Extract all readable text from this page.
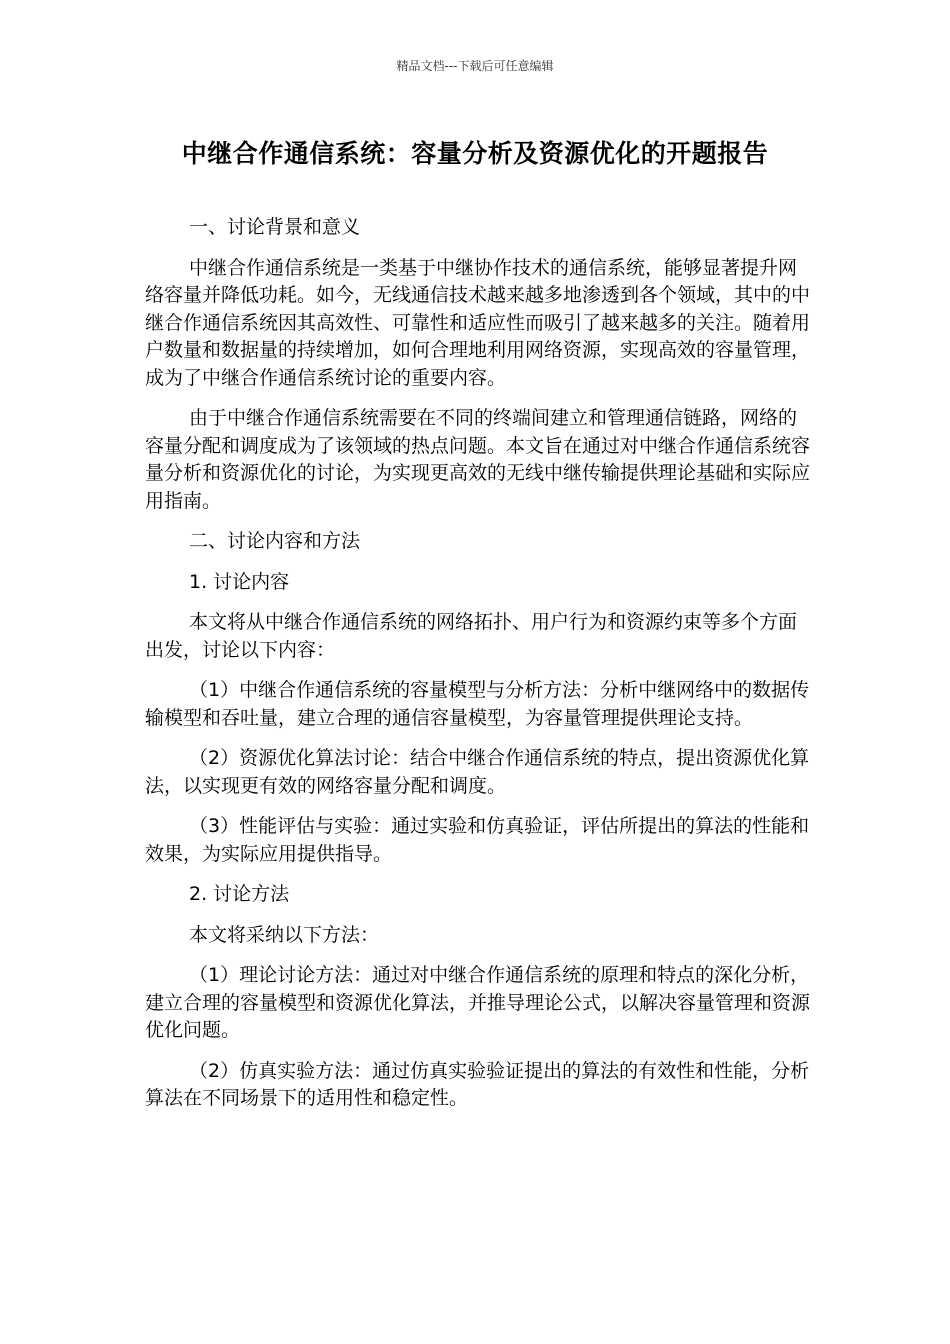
精品文档---下载后可任意编辑
中继合作通信系统：容量分析及资源优化的开题报告

一、讨论背景和意义

中继合作通信系统是一类基于中继协作技术的通信系统，能够显著提升网络容量并降低功耗。如今，无线通信技术越来越多地渗透到各个领域，其中的中继合作通信系统因其高效性、可靠性和适应性而吸引了越来越多的关注。随着用户数量和数据量的持续增加，如何合理地利用网络资源，实现高效的容量管理，成为了中继合作通信系统讨论的重要内容。

由于中继合作通信系统需要在不同的终端间建立和管理通信链路，网络的容量分配和调度成为了该领域的热点问题。本文旨在通过对中继合作通信系统容量分析和资源优化的讨论，为实现更高效的无线中继传输提供理论基础和实际应用指南。

二、讨论内容和方法

1. 讨论内容

本文将从中继合作通信系统的网络拓扑、用户行为和资源约束等多个方面出发，讨论以下内容：

（1）中继合作通信系统的容量模型与分析方法：分析中继网络中的数据传输模型和吞吐量，建立合理的通信容量模型，为容量管理提供理论支持。

（2）资源优化算法讨论：结合中继合作通信系统的特点，提出资源优化算法，以实现更有效的网络容量分配和调度。

（3）性能评估与实验：通过实验和仿真验证，评估所提出的算法的性能和效果，为实际应用提供指导。

2. 讨论方法

本文将采纳以下方法：

（1）理论讨论方法：通过对中继合作通信系统的原理和特点的深化分析，建立合理的容量模型和资源优化算法，并推导理论公式，以解决容量管理和资源优化问题。

（2）仿真实验方法：通过仿真实验验证提出的算法的有效性和性能，分析算法在不同场景下的适用性和稳定性。
